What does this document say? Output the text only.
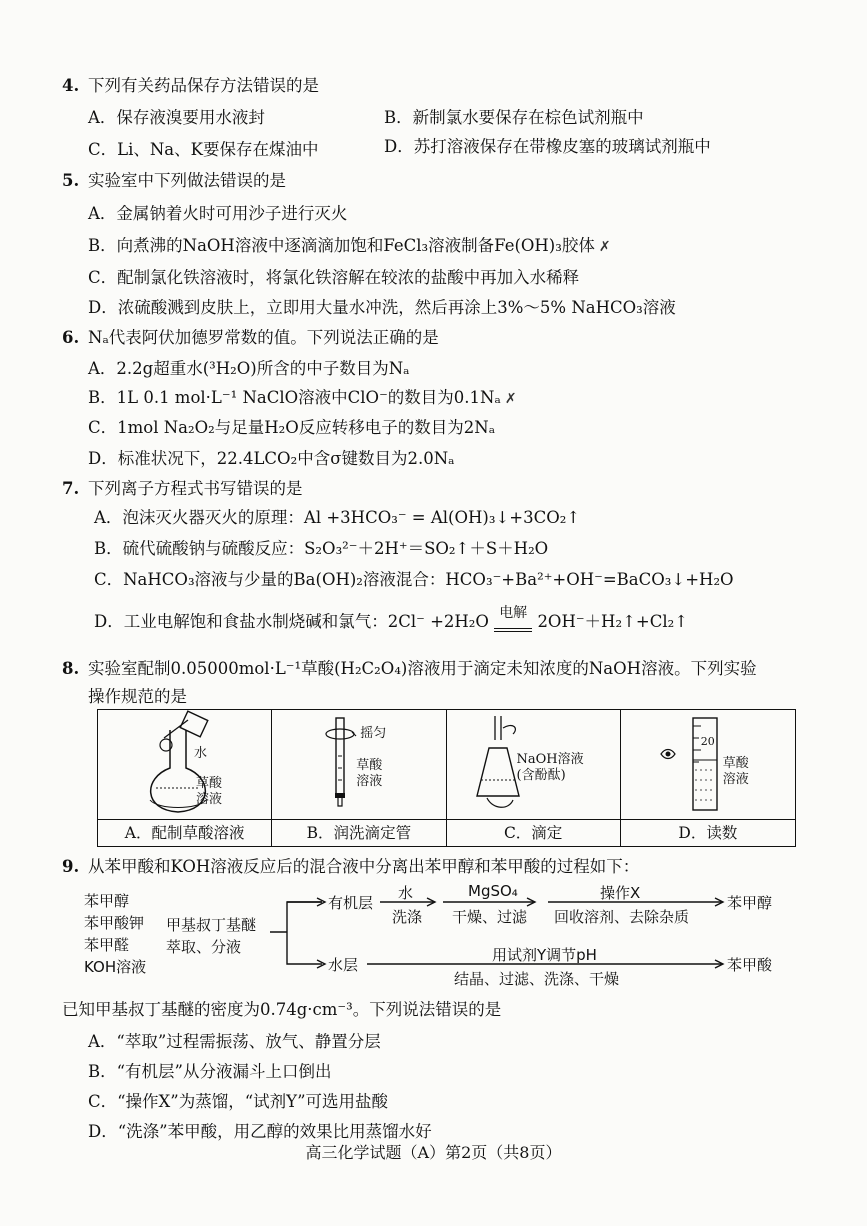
4. 下列有关药品保存方法错误的是
A．保存液溴要用水液封	B．新制氯水要保存在棕色试剂瓶中
C．Li、Na、K要保存在煤油中	D．苏打溶液保存在带橡皮塞的玻璃试剂瓶中
5. 实验室中下列做法错误的是
A．金属钠着火时可用沙子进行灭火
B．向煮沸的NaOH溶液中逐滴滴加饱和FeCl₃溶液制备Fe(OH)₃胶体 ✗
C．配制氯化铁溶液时，将氯化铁溶解在较浓的盐酸中再加入水稀释
D．浓硫酸溅到皮肤上，立即用大量水冲洗，然后再涂上3%～5% NaHCO₃溶液
6. Nₐ代表阿伏加德罗常数的值。下列说法正确的是
A．2.2g超重水(³H₂O)所含的中子数目为Nₐ
B．1L 0.1 mol·L⁻¹ NaClO溶液中ClO⁻的数目为0.1Nₐ ✗
C．1mol Na₂O₂与足量H₂O反应转移电子的数目为2Nₐ
D．标准状况下，22.4LCO₂中含σ键数目为2.0Nₐ
7. 下列离子方程式书写错误的是
A．泡沫灭火器灭火的原理：Al +3HCO₃⁻ = Al(OH)₃↓+3CO₂↑
B．硫代硫酸钠与硫酸反应：S₂O₃²⁻＋2H⁺＝SO₂↑＋S＋H₂O
C．NaHCO₃溶液与少量的Ba(OH)₂溶液混合：HCO₃⁻+Ba²⁺+OH⁻=BaCO₃↓+H₂O
D．工业电解饱和食盐水制烧碱和氯气：2Cl⁻ +2H₂O 电解 2OH⁻＋H₂↑+Cl₂↑
8. 实验室配制0.05000mol·L⁻¹草酸(H₂C₂O₄)溶液用于滴定未知浓度的NaOH溶液。下列实验
操作规范的是
水
草酸
溶液
A．配制草酸溶液
摇匀
草酸
溶液
B．润洗滴定管
NaOH溶液
(含酚酞)
C．滴定
20
草酸
溶液
D．读数
9. 从苯甲酸和KOH溶液反应后的混合液中分离出苯甲醇和苯甲酸的过程如下：
苯甲醇
苯甲酸钾
苯甲醛
KOH溶液
甲基叔丁基醚
萃取、分液
有机层
水
洗涤
MgSO₄
干燥、过滤
操作X
回收溶剂、去除杂质
苯甲醇
水层
用试剂Y调节pH
结晶、过滤、洗涤、干燥
苯甲酸
已知甲基叔丁基醚的密度为0.74g·cm⁻³。下列说法错误的是
A．“萃取”过程需振荡、放气、静置分层
B．“有机层”从分液漏斗上口倒出
C．“操作X”为蒸馏，“试剂Y”可选用盐酸
D．“洗涤”苯甲酸，用乙醇的效果比用蒸馏水好
高三化学试题（A）第2页（共8页）
